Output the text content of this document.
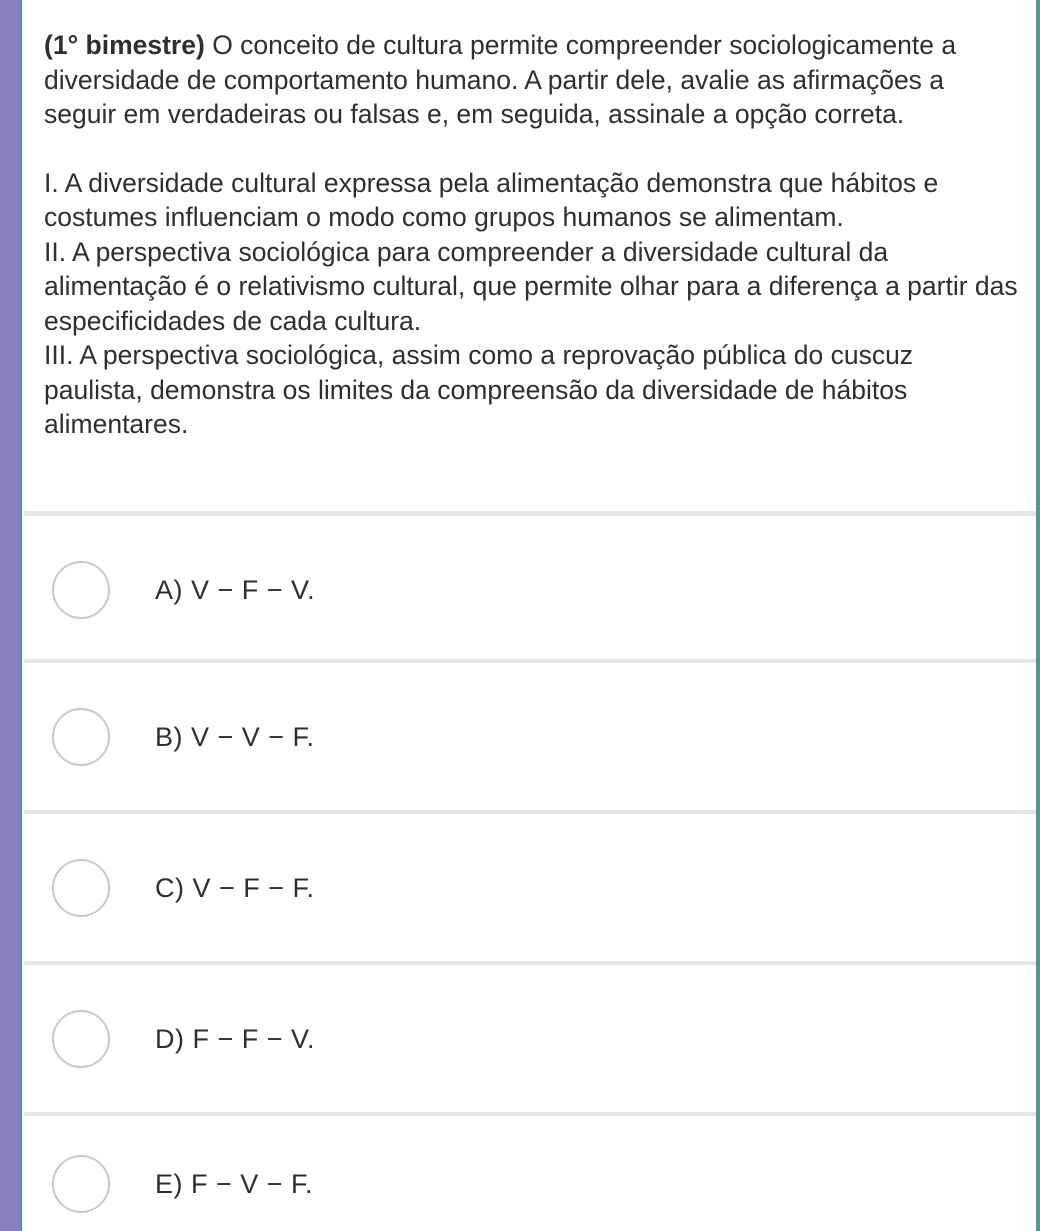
(1° bimestre) O conceito de cultura permite compreender sociologicamente a diversidade de comportamento humano. A partir dele, avalie as afirmações a seguir em verdadeiras ou falsas e, em seguida, assinale a opção correta.

I. A diversidade cultural expressa pela alimentação demonstra que hábitos e costumes influenciam o modo como grupos humanos se alimentam.

II. A perspectiva sociológica para compreender a diversidade cultural da alimentação é o relativismo cultural, que permite olhar para a diferença a partir das especificidades de cada cultura.

III. A perspectiva sociológica, assim como a reprovação pública do cuscuz paulista, demonstra os limites da compreensão da diversidade de hábitos alimentares.

A) V − F − V.
B) V − V − F.
C) V − F − F.
D) F − F − V.
E) F − V − F.
